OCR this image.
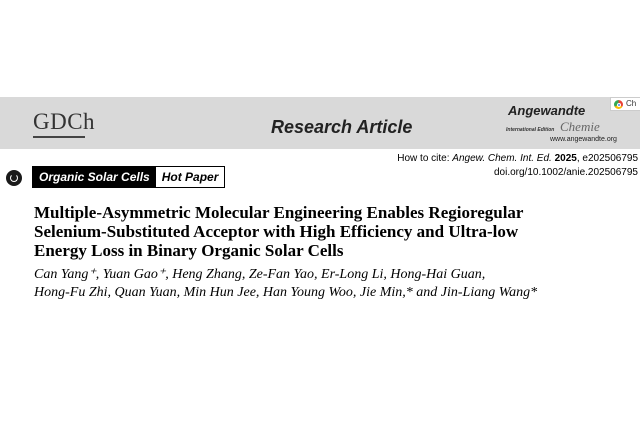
GDCh	Research Article
Angewandte
International Edition Chemie
www.angewandte.org
Ch
How to cite: Angew. Chem. Int. Ed. 2025, e202506795
doi.org/10.1002/anie.202506795
Organic Solar Cells	Hot Paper
Multiple-Asymmetric Molecular Engineering Enables Regioregular
Selenium-Substituted Acceptor with High Efficiency and Ultra-low
Energy Loss in Binary Organic Solar Cells

Can Yang⁺, Yuan Gao⁺, Heng Zhang, Ze-Fan Yao, Er-Long Li, Hong-Hai Guan,
Hong-Fu Zhi, Quan Yuan, Min Hun Jee, Han Young Woo, Jie Min,* and Jin-Liang Wang*
